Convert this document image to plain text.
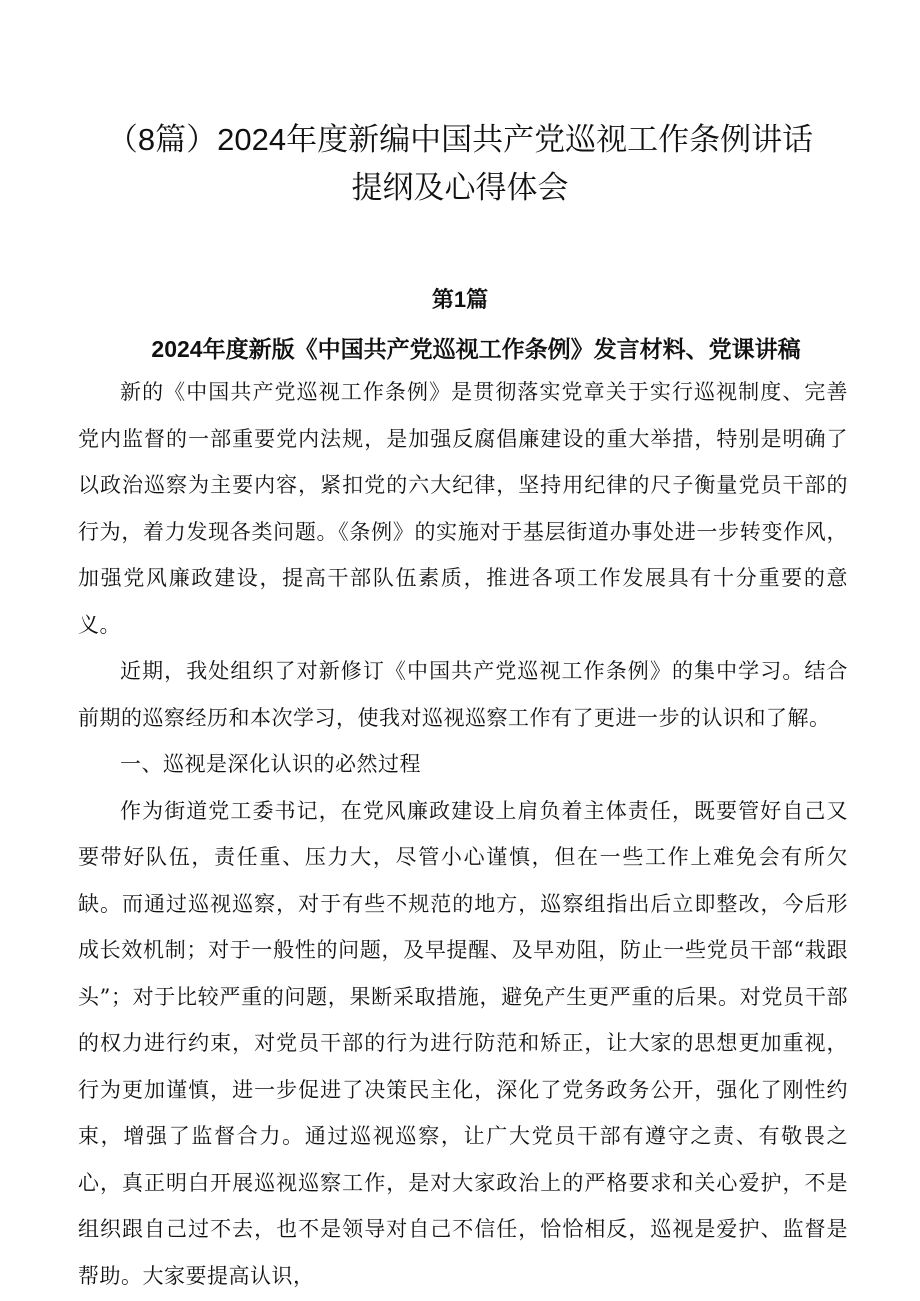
（8篇）2024年度新编中国共产党巡视工作条例讲话
提纲及心得体会
第1篇
2024年度新版《中国共产党巡视工作条例》发言材料、党课讲稿

新的《中国共产党巡视工作条例》是贯彻落实党章关于实行巡视制度、完善党内监督的一部重要党内法规，是加强反腐倡廉建设的重大举措，特别是明确了以政治巡察为主要内容，紧扣党的六大纪律，坚持用纪律的尺子衡量党员干部的行为，着力发现各类问题。《条例》的实施对于基层街道办事处进一步转变作风，加强党风廉政建设，提高干部队伍素质，推进各项工作发展具有十分重要的意义。

近期，我处组织了对新修订《中国共产党巡视工作条例》的集中学习。结合前期的巡察经历和本次学习，使我对巡视巡察工作有了更进一步的认识和了解。

一、巡视是深化认识的必然过程

作为街道党工委书记，在党风廉政建设上肩负着主体责任，既要管好自己又要带好队伍，责任重、压力大，尽管小心谨慎，但在一些工作上难免会有所欠缺。而通过巡视巡察，对于有些不规范的地方，巡察组指出后立即整改，今后形成长效机制；对于一般性的问题，及早提醒、及早劝阻，防止一些党员干部“栽跟头”；对于比较严重的问题，果断采取措施，避免产生更严重的后果。对党员干部的权力进行约束，对党员干部的行为进行防范和矫正，让大家的思想更加重视，行为更加谨慎，进一步促进了决策民主化，深化了党务政务公开，强化了刚性约束，增强了监督合力。通过巡视巡察，让广大党员干部有遵守之责、有敬畏之心，真正明白开展巡视巡察工作，是对大家政治上的严格要求和关心爱护，不是组织跟自己过不去，也不是领导对自己不信任，恰恰相反，巡视是爱护、监督是帮助。大家要提高认识，
